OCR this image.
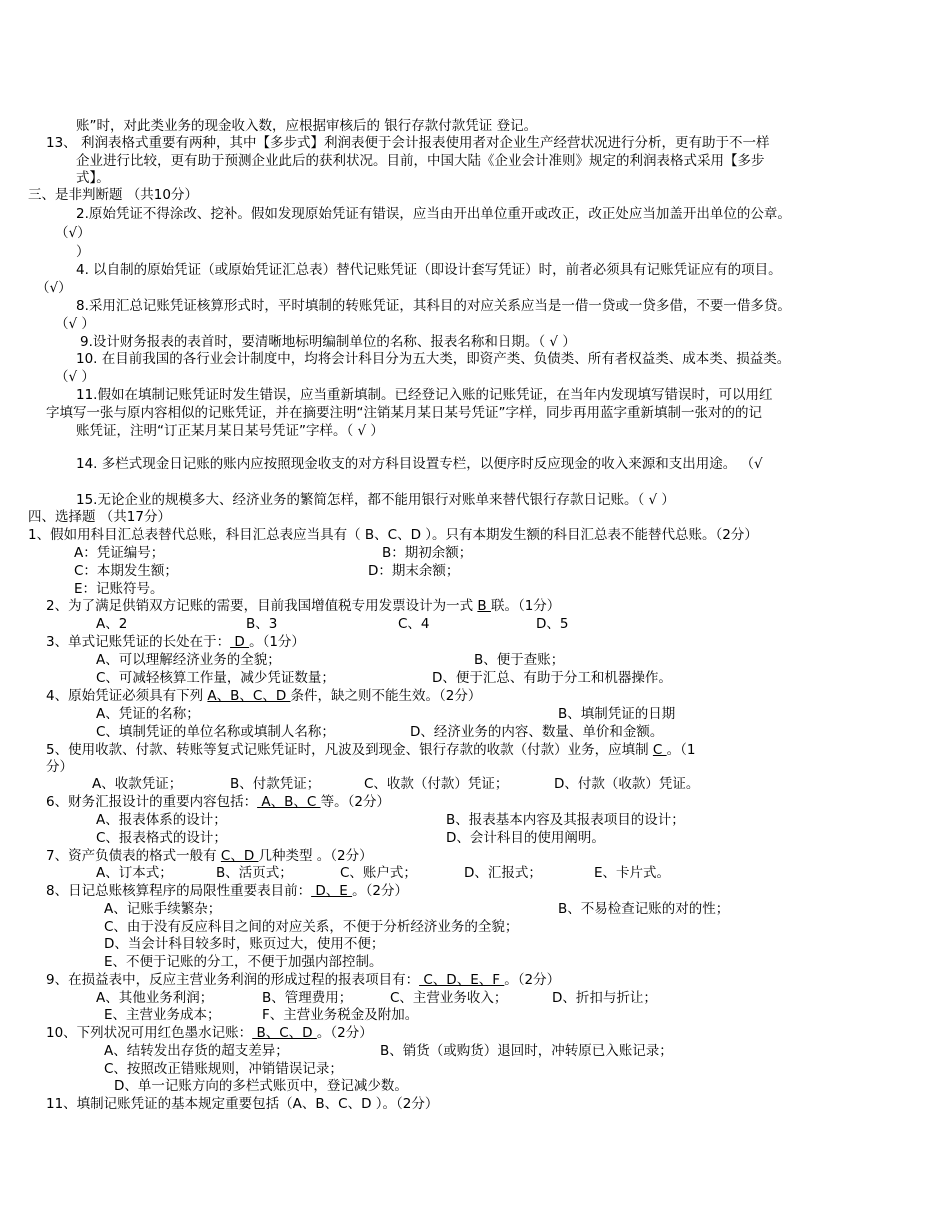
账”时，对此类业务的现金收入数，应根据审核后的 银行存款付款凭证 登记。
13、 利润表格式重要有两种，其中【多步式】利润表便于会计报表使用者对企业生产经营状况进行分析，更有助于不一样
企业进行比较，更有助于预测企业此后的获利状况。目前，中国大陆《企业会计准则》规定的利润表格式采用【多步
式】。
三、是非判断题 （共10分）
2.原始凭证不得涂改、挖补。假如发现原始凭证有错误，应当由开出单位重开或改正，改正处应当加盖开出单位的公章。
（√）
）
4. 以自制的原始凭证（或原始凭证汇总表）替代记账凭证（即设计套写凭证）时，前者必须具有记账凭证应有的项目。
（√）
8.采用汇总记账凭证核算形式时，平时填制的转账凭证，其科目的对应关系应当是一借一贷或一贷多借，不要一借多贷。
（√ ）
9.设计财务报表的表首时，要清晰地标明编制单位的名称、报表名称和日期。（ √ ）
10. 在目前我国的各行业会计制度中，均将会计科目分为五大类，即资产类、负债类、所有者权益类、成本类、损益类。
（√ ）
11.假如在填制记账凭证时发生错误，应当重新填制。已经登记入账的记账凭证，在当年内发现填写错误时，可以用红
字填写一张与原内容相似的记账凭证，并在摘要注明“注销某月某日某号凭证”字样，同步再用蓝字重新填制一张对的的记
账凭证，注明“订正某月某日某号凭证”字样。（ √ ）
14. 多栏式现金日记账的账内应按照现金收支的对方科目设置专栏，以便序时反应现金的收入来源和支出用途。 （√
15.无论企业的规模多大、经济业务的繁简怎样，都不能用银行对账单来替代银行存款日记账。（ √ ）
四、选择题 （共17分）
1、假如用科目汇总表替代总账，科目汇总表应当具有（ B、C、D ）。只有本期发生额的科目汇总表不能替代总账。（2分）
A：凭证编号；	B：期初余额；
C：本期发生额；	D：期末余额；
E：记账符号。
2、为了满足供销双方记账的需要，目前我国增值税专用发票设计为一式 B 联。（1分）
A、2	B、3	C、4	D、5
3、单式记账凭证的长处在于： D 。（1分）
A、可以理解经济业务的全貌；	B、便于查账；
C、可减轻核算工作量，减少凭证数量；	D、便于汇总、有助于分工和机器操作。
4、原始凭证必须具有下列 A、B、C、D 条件，缺之则不能生效。（2分）
A、凭证的名称；	B、填制凭证的日期
C、填制凭证的单位名称或填制人名称；	D、经济业务的内容、数量、单价和金额。
5、使用收款、付款、转账等复式记账凭证时，凡波及到现金、银行存款的收款（付款）业务，应填制 C 。（1
分）
A、收款凭证；	B、付款凭证；	C、收款（付款）凭证；	D、付款（收款）凭证。
6、财务汇报设计的重要内容包括： A、B、C 等。（2分）
A、报表体系的设计；	B、报表基本内容及其报表项目的设计；
C、报表格式的设计；	D、会计科目的使用阐明。
7、资产负债表的格式一般有 C、D 几种类型 。（2分）
A、订本式；	B、活页式；	C、账户式；	D、汇报式；	E、卡片式。
8、日记总账核算程序的局限性重要表目前： D、E 。（2分）
A、记账手续繁杂；	B、不易检查记账的对的性；
C、由于没有反应科目之间的对应关系，不便于分析经济业务的全貌；
D、当会计科目较多时，账页过大，使用不便；
E、不便于记账的分工，不便于加强内部控制。
9、在损益表中，反应主营业务利润的形成过程的报表项目有： C、D、E、F 。（2分）
A、其他业务利润；	B、管理费用；	C、主营业务收入；	D、折扣与折让；
E、主营业务成本；	F、主营业务税金及附加。
10、下列状况可用红色墨水记账： B、C、D 。（2分）
A、结转发出存货的超支差异；	B、销货（或购货）退回时，冲转原已入账记录；
C、按照改正错账规则，冲销错误记录；
D、单一记账方向的多栏式账页中，登记减少数。
11、填制记账凭证的基本规定重要包括（A、B、C、D ）。（2分）
